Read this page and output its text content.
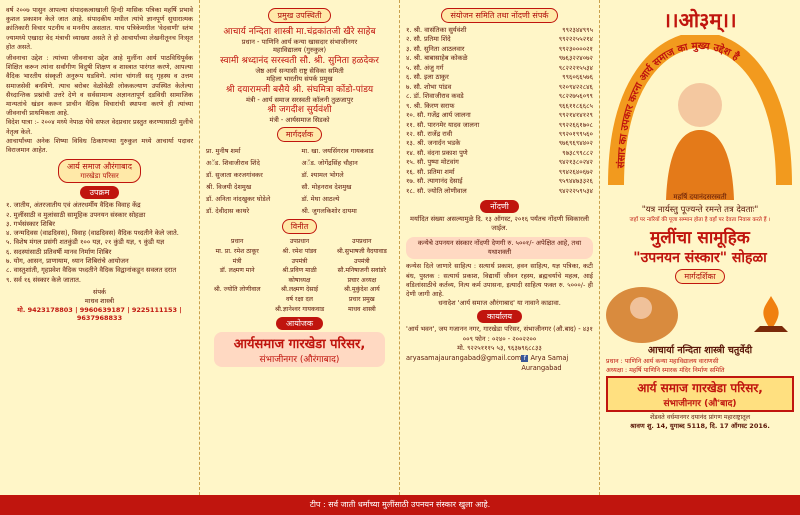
वर्ष २००७ पासुन आपल्या संपादकत्वाखाली हिन्दी मासिक पत्रिका महर्षि प्रभावे कुशल प्रकाशन केले जात आहे. संपादकीय मधील त्यांचे ज्ञानपूर्ण सुधारात्मक क्रांतिकारी विचार पटनीय व मननीय असतात. याच पत्रिकेमधील 'वेदवाणी' स्तंभ ज्यामध्ये एखादा वेद मंत्राची व्याख्या असते ते हो आचार्यांच्या लेखनीतूनच निःसृत होत असते.

जीवनाचा उद्देश : त्यांच्या जीवनाचा उद्देश आहे मुलींना आर्य पाठविधिपूर्वक शिक्षित करून त्यांना सर्वांगीण विदुषी शिक्षण व शास्त्रात पारंगत करणे, आपल्या वैदिक भारतीय संस्कृती अनुरूप घडविणे. त्यांना चांगली सद् गृहस्थ व उत्तम समाजसेवी बनविणे. त्याच बरोबर वेळोवेळी लोककल्याण उपस्थित केलेल्या सैध्दान्तिक प्रश्नांची उत्तरे देणे व सर्वसामान्य अज्ञानतापूर्ण दडविधी सामाजिक मान्यतांचे खंडन करून प्राचीन वैदिक विचारांची स्थापना करणे ही त्यांच्या जीवनाची प्राथमिकता आहे.

विदेश यात्रा :- २००४ मध्ये नेपाळ येथे सफल वेदप्रचार प्रस्तुत करण्यासाठी मुलीचे नेतृत्व केले.

आचार्यांच्या अनेक शिष्या विविध ठिकाणच्या गुरुकुल मध्ये आचार्या पदावर विराजमान आहेत.

आर्य समाज औरंगाबाद
गारखेडा परिसर
उपक्रम
१. जातीय, अंतरजातीय एवं अंतरधर्मीय वैदिक विवाह केंद्र
२. मुलींसाठी व मुलांसाठी सामूहिक उपनयन संस्कार सोहळा
३. गर्भसंस्कार शिबिर
४. जन्मदिवस (वाढदिवस), विवाह (वाढदिवस) वैदिक पध्दतीने केले जाते.
५. विशेष मंगल प्रसंगी शतकुंडी १०० यज्ञ, २१ कुंडी यज्ञ, ९ कुंडी यज्ञ
६. सदस्यांसाठी प्रतिवर्षी मानव निर्माण शिबिर
७. योग, आसन, प्राणायाम, ध्यान शिबिरांचे आयोजन
८. वास्तुशांती, गृहप्रवेश वैदिक पध्दतीने वैदिक विद्वानांकडून सवलत दरात
९. सर्व १६ संस्कार केले जातात.
संपर्क
माधव शास्त्री
मो. 9423178803 | 9960639187 | 9225111153 | 9637968833
प्रमुख उपस्थिती
आचार्य नन्दिता शास्त्री मा.चंद्रकांतजी खैरे साहेब
प्रधान - पाणिनि आर्य कन्या खासदार संभाजीनगर
महाविद्यालय (गुरुकुल)
स्वामी श्रध्दानंद सरस्वती सौ. श्री. सुनिता हळदेकर
जेष्ठ आर्य सन्यासी राष्ट्र सेविका समिती
महिला भारतीय संपर्क प्रमुख
श्री दयारामजी बसैये श्री. संघमित्रा कोंडो-पांडय
मंत्री - आर्य समाज सरस्वती कॉलनी तुळजापुर
श्री जगदीश सुर्यवंशी
मंत्री - आर्यसमाज सिडको
मार्गदर्शक
प्रा. मुनीष शर्मा	मा. खा. जयसिंगराव गायकवाड
अॅड. शिवाजीराव शिंदे	अॅड. जोगेंद्रसिंह चौहान
डॉ. सुजाता करजगांवकर	डॉ. श्यामल भोगले
श्री. विजयी देशमुख	सौ. मोहनराव देशमुख
डॉ. अनिता नांदखुकर घोडेले	डॉ. मेघा आठल्ये
डॉ. देवीदास काथरे	श्री. जुगलकिशोर दायमा
विनीत
प्रधान	उपप्रधान	उपप्रधान
मा. प्रा. रमेश ठाकूर	श्री. रमेश पांडव	श्री.सुभाषजी वैदयावाड
मंत्री	उपमंत्री	उपमंत्री
डॉ. लक्ष्मण माने	श्री.प्रविण माळी	सौ.मनिषाजनी सवांडरे
कोषाध्यक्ष	प्रचार अध्यक्ष
श्री. ज्योति लोणीवाल	श्री.लक्ष्मण देसाई	श्री.मुकुंदेश आर्य
वर्ष रक्षा दल	प्रचार प्रमुख
श्री.ज्ञानेश्वर गायकवाड	माधव शास्त्री
आयोजक
आर्यसमाज गारखेडा परिसर,
संभाजीनगर (औरंगाबाद)
संयोजन समिति तथा नोंदणी संपर्क
१. श्री. वासंतिका सुर्यवंशी	९९२३४४९९५
२. सौ. प्रतिमा शिंदे	९९२२२५५२१४
३. सौ. सुनिता आठलवार	९९२३००००२१
४. श्री. बाबासाहेब कोकळे	९७६३२२४०७२
५. सौ. अंजु गर्ग	९८२२२१५५३४
६. सौ. इला ठाकुर	९९६०६६५७६
७. सौ. शोभा पांडव	९२०९४२२८४६
८. डॉ. शिवाजीराव कवडे	९८२२७५६०९९
९. श्री. किरण सराफ	९६६११८६६८५
१०. सौ. गजेंद्र आर्य जालना	९९२१४१४१२९
११. सौ. पारनमेर यादव जालना	९९२२६६१७०८
१२. सौ. राजेंद्र रावी	९९२०१९९५६०
१३. श्री. जनार्दन भडके	९७६९६९४४०२
१४. सौ. वंदना प्रकाश पुणे	९७३८९९८८२
१५. सौ. पुष्पा मोटवांग	९४२१३८०२४२
१६. सौ. प्रतिमा शर्मा	९९४२६४०६७२
१७. सौ. त्यागानंद देसाई	९५९४४७३३२६
१८. सौ. ज्योति लोणीवाल	९४२२२५९५३४
नोंदणी

मर्यादित संख्या असल्यामुळे दि. १३ ऑगस्ट, २०१६ पर्यंतच नोंदणी स्विकारली जाईल.

कन्येचे उपनयन संस्कार नोंदणी देणगी रु. ५००१/- अपेक्षित आहे, तथा यथाशक्ती

कन्येस दिले जाणारे साहित्य : सत्यार्थ प्रकाश, हवन साहित्य, यज्ञ पत्रिका, कटी बंध, पुस्तक : सत्यार्थ प्रकाश, विद्यार्थी जीवन रहस्य, ब्रह्मचर्याचे महत्व, आई वडिलांसाठीचे कर्तव्य, नित्य कर्म उपासना, इत्यादी साहित्य फक्त रु. ५०००/- ही देणी जागी आहे.

धनादेश 'आर्य समाज औरंगाबाद' या नावाने काढावा.

कार्यालय

'आर्य भवन', जय गजानन नगर, गारखेडा परिसर, संभाजीनगर (औ.बाद) - ४३१ ००९ फोन : ०२४० - २००२२००

मो. ९२२५१११५ ५३, ९६३७९६८८३३

aryasamajaurangabad@gmail.com f Arya Samaj Aurangabad
।।ओ३म्।।
संसार का उपकार करना आर्य समाज का मुख्य उद्देश है
महर्षि दयानंदसरस्वती
"यत्र नार्यस्तु पूज्यन्ते रमन्ते तत्र देवताः"
जहाँ पर नारियों की पूजा सम्मान होता है वहाँ पर देवता निवास करते हैं ।
मुलींचा सामूहिक
"उपनयन संस्कार" सोहळा
मार्गदर्शिका
आचार्या नन्दिता शास्त्री चतुर्वेदी
प्रधान : पाणिनि आर्य कन्या महाविद्यालय वाराणसी
अध्यक्षा : महर्षि पाणिनि स्मारक मंदिर निर्माण समिति
आर्य समाज गारखेडा परिसर,
संभाजीनगर (औ'बाद)
शेंडवते वर्धमानगर दयानंद प्रांगण महाराष्ट्रातूल
श्रावण शु. 14, युगाब्द 5118, दि. 17 ऑगस्ट 2016.
टीप : सर्व जाती धर्माच्या मुलींसाठी उपनयन संस्कार खुला आहे.
